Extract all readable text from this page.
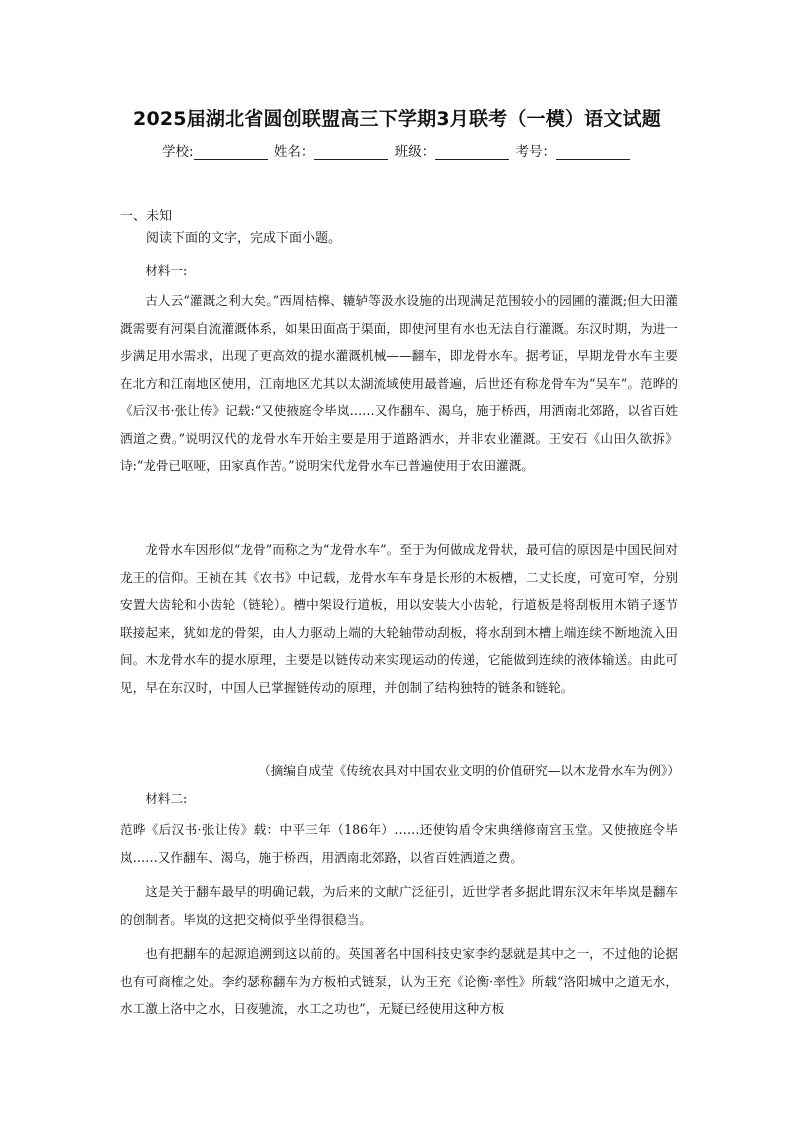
2025届湖北省圆创联盟高三下学期3月联考（一模）语文试题
学校:	姓名：	班级：	考号：
一、未知
阅读下面的文字，完成下面小题。
材料一:
古人云“灌溉之利大矣。”西周桔槔、辘轳等汲水设施的出现满足范围较小的园圃的灌溉;但大田灌溉需要有河渠自流灌溉体系，如果田面高于渠面，即使河里有水也无法自行灌溉。东汉时期，为进一步满足用水需求，出现了更高效的提水灌溉机械——翻车，即龙骨水车。据考证，早期龙骨水车主要在北方和江南地区使用，江南地区尤其以太湖流域使用最普遍，后世还有称龙骨车为“吴车”。范晔的《后汉书·张让传》记载:“又使掖庭令毕岚……又作翻车、渴乌，施于桥西，用洒南北郊路，以省百姓洒道之费。”说明汉代的龙骨水车开始主要是用于道路洒水，并非农业灌溉。王安石《山田久欲拆》诗:“龙骨已呕哑，田家真作苦。”说明宋代龙骨水车已普遍使用于农田灌溉。
龙骨水车因形似“龙骨”而称之为“龙骨水车”。至于为何做成龙骨状，最可信的原因是中国民间对龙王的信仰。王祯在其《农书》中记载，龙骨水车车身是长形的木板槽，二丈长度，可宽可窄，分别安置大齿轮和小齿轮（链轮）。槽中架设行道板，用以安装大小齿轮，行道板是将刮板用木销子逐节联接起来，犹如龙的骨架，由人力驱动上端的大轮轴带动刮板，将水刮到木槽上端连续不断地流入田间。木龙骨水车的提水原理，主要是以链传动来实现运动的传递，它能做到连续的液体输送。由此可见，早在东汉时，中国人已掌握链传动的原理，并创制了结构独特的链条和链轮。
（摘编自成莹《传统农具对中国农业文明的价值研究—以木龙骨水车为例》）
材料二:
范晔《后汉书·张让传》载：中平三年（186年）……还使钩盾令宋典缮修南宫玉堂。又使掖庭令毕岚……又作翻车、渴乌，施于桥西，用洒南北郊路，以省百姓洒道之费。
这是关于翻车最早的明确记载，为后来的文献广泛征引，近世学者多据此谓东汉末年毕岚是翻车的创制者。毕岚的这把交椅似乎坐得很稳当。
也有把翻车的起源追溯到这以前的。英国著名中国科技史家李约瑟就是其中之一，不过他的论据也有可商榷之处。李约瑟称翻车为方板柏式链泵，认为王充《论衡·率性》所载“洛阳城中之道无水，水工激上洛中之水，日夜驰流，水工之功也”，无疑已经使用这种方板
